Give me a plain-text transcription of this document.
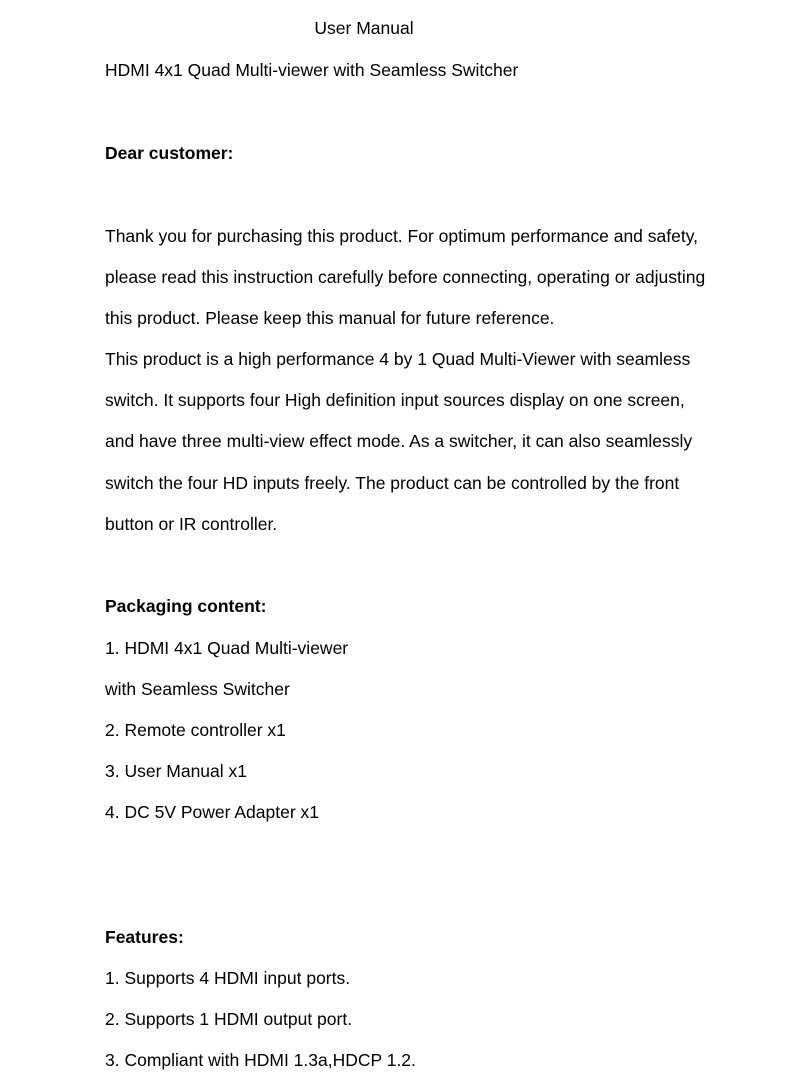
User Manual
HDMI 4x1 Quad Multi-viewer with Seamless Switcher
Dear customer:
Thank you for purchasing this product. For optimum performance and safety,
please read this instruction carefully before connecting, operating or adjusting
this product. Please keep this manual for future reference.
This product is a high performance 4 by 1 Quad Multi-Viewer with seamless
switch. It supports four High definition input sources display on one screen,
and have three multi-view effect mode. As a switcher, it can also seamlessly
switch the four HD inputs freely. The product can be controlled by the front
button or IR controller.
Packaging content:
1. HDMI 4x1 Quad Multi-viewer
with Seamless Switcher
2. Remote controller x1
3. User Manual x1
4. DC 5V Power Adapter x1
Features:
1. Supports 4 HDMI input ports.
2. Supports 1 HDMI output port.
3. Compliant with HDMI 1.3a,HDCP 1.2.
